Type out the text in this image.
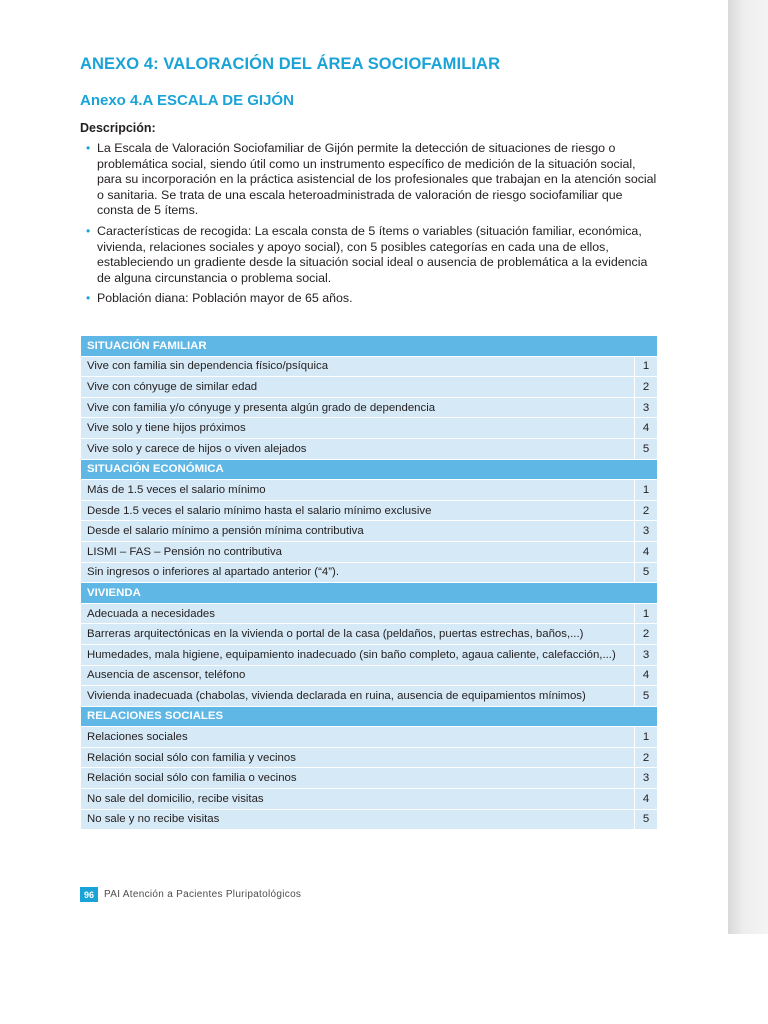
ANEXO 4: VALORACIÓN DEL ÁREA SOCIOFAMILIAR
Anexo 4.A ESCALA DE GIJÓN
Descripción:
• La Escala de Valoración Sociofamiliar de Gijón permite la detección de situaciones de riesgo o problemática social, siendo útil como un instrumento específico de medición de la situación social, para su incorporación en la práctica asistencial de los profesionales que trabajan en la atención social o sanitaria. Se trata de una escala heteroadministrada de valoración de riesgo sociofamiliar que consta de 5 ítems.
• Características de recogida: La escala consta de 5 ítems o variables (situación familiar, económica, vivienda, relaciones sociales y apoyo social), con 5 posibles categorías en cada una de ellos, estableciendo un gradiente desde la situación social ideal o ausencia de problemática a la evidencia de alguna circunstancia o problema social.
• Población diana: Población mayor de 65 años.
SITUACIÓN FAMILIAR	
Vive con familia sin dependencia físico/psíquica	1
Vive con cónyuge de similar edad	2
Vive con familia y/o cónyuge y presenta algún grado de dependencia	3
Vive solo y tiene hijos próximos	4
Vive solo y carece de hijos o viven alejados	5
SITUACIÓN ECONÓMICA	
Más de 1.5 veces el salario mínimo	1
Desde 1.5 veces el salario mínimo hasta el salario mínimo exclusive	2
Desde el salario mínimo a pensión mínima contributiva	3
LISMI – FAS – Pensión no contributiva	4
Sin ingresos o inferiores al apartado anterior (“4”).	5
VIVIENDA	
Adecuada a necesidades	1
Barreras arquitectónicas en la vivienda o portal de la casa (peldaños, puertas estrechas, baños,...)	2
Humedades, mala higiene, equipamiento inadecuado (sin baño completo, agaua caliente, calefacción,...)	3
Ausencia de ascensor, teléfono	4
Vivienda inadecuada (chabolas, vivienda declarada en ruina, ausencia de equipamientos mínimos)	5
RELACIONES SOCIALES	
Relaciones sociales	1
Relación social sólo con familia y vecinos	2
Relación social sólo con familia o vecinos	3
No sale del domicilio, recibe visitas	4
No sale y no recibe visitas	5
96	PAI Atención a Pacientes Pluripatológicos
